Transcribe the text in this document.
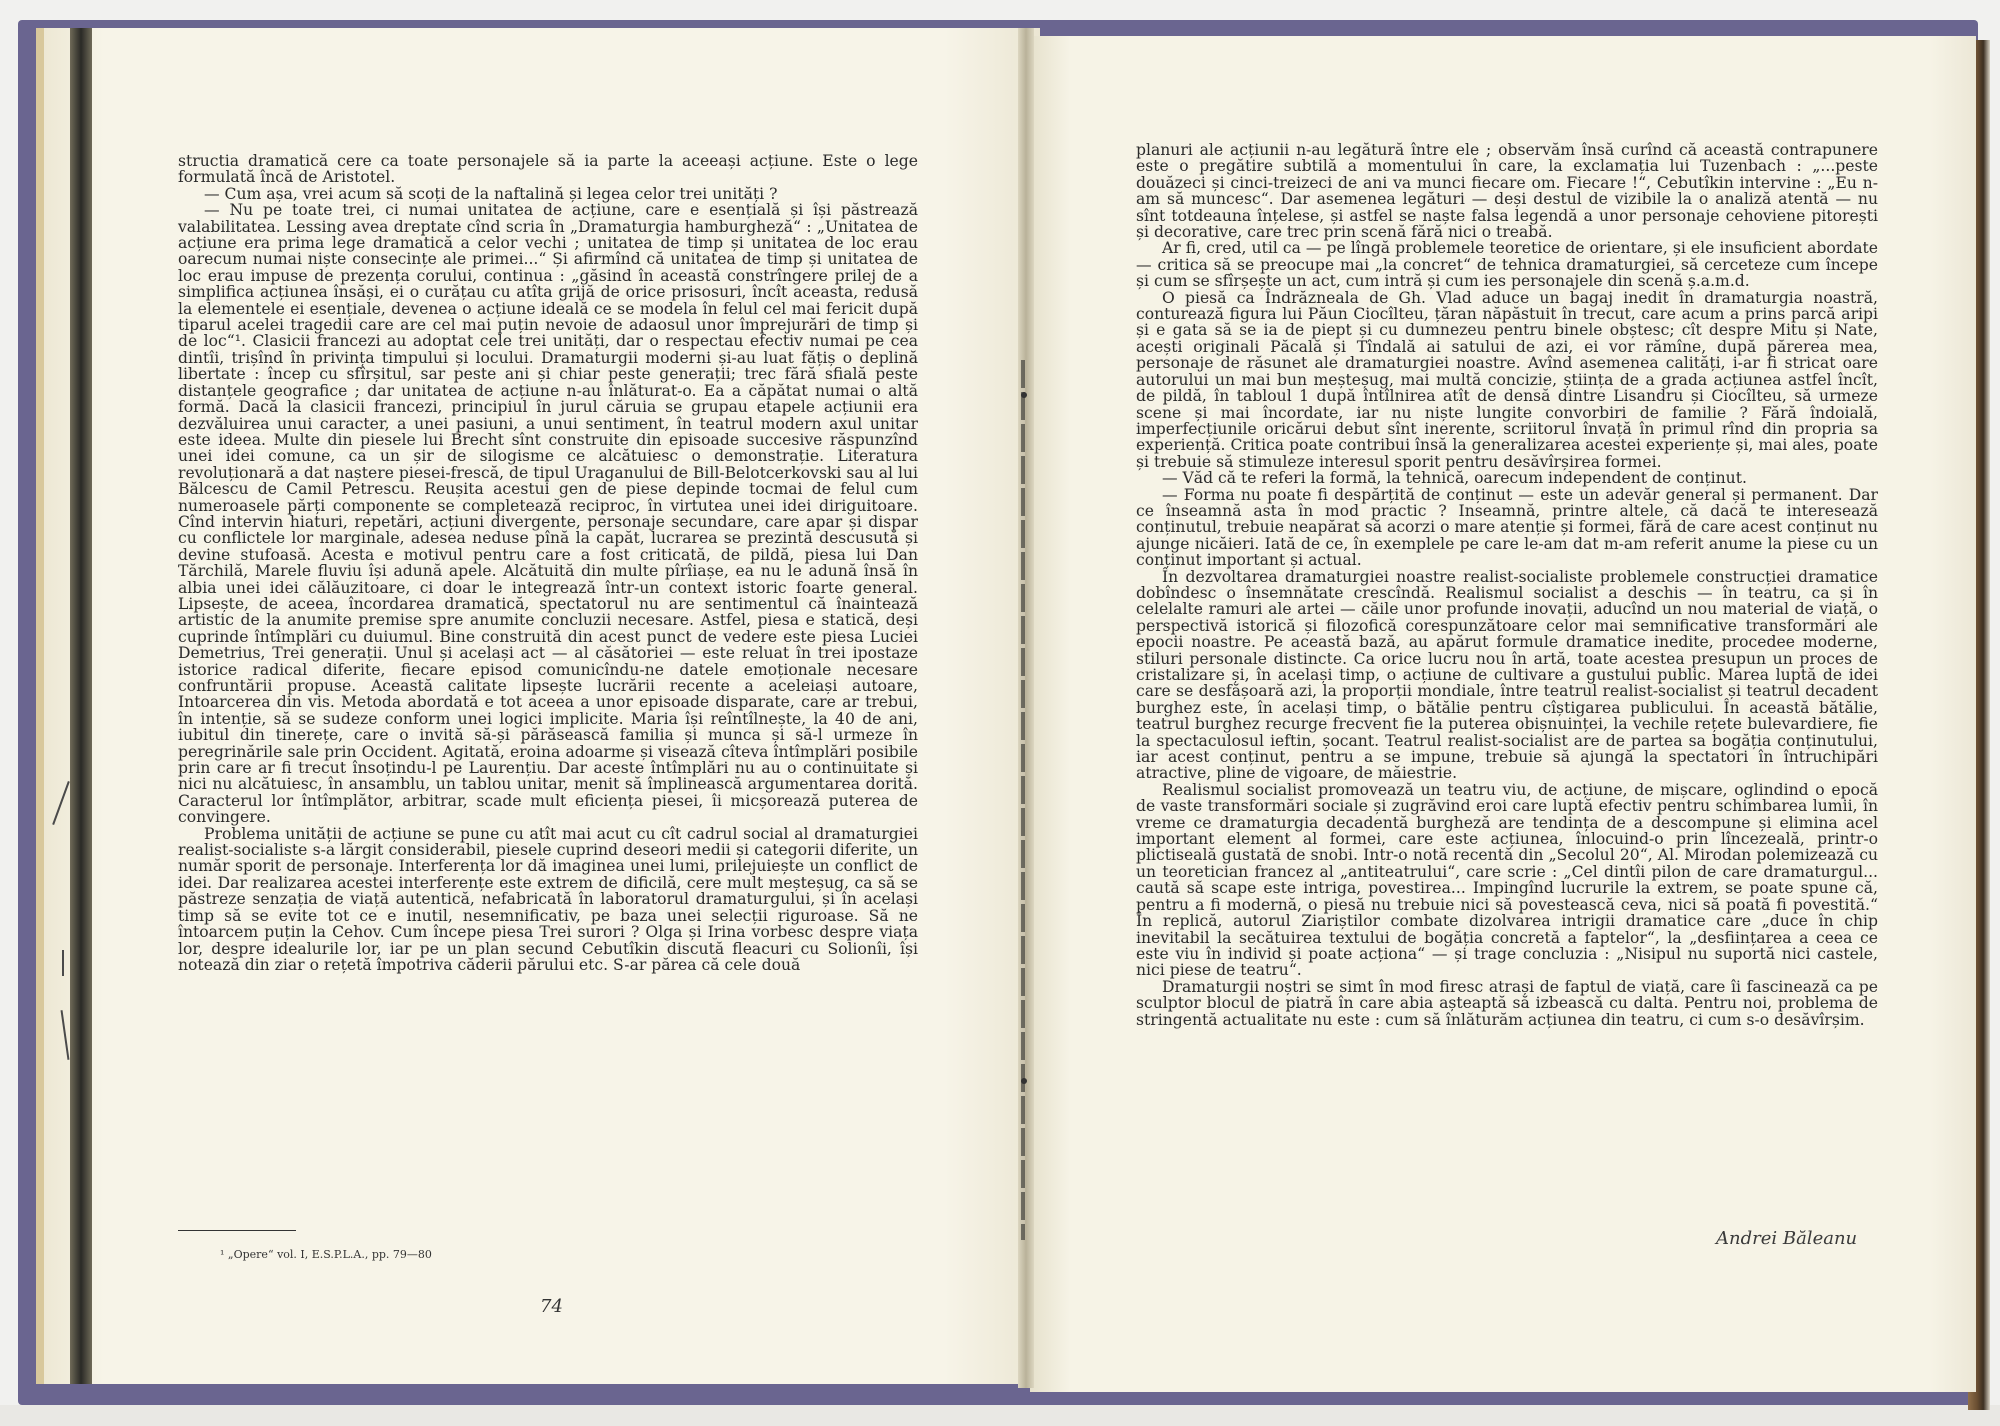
structia dramatică cere ca toate personajele să ia parte la aceeași acțiune. Este o lege formulată încă de Aristotel.

— Cum așa, vrei acum să scoți de la naftalină și legea celor trei unități ?

— Nu pe toate trei, ci numai unitatea de acțiune, care e esențială și își păstrează valabilitatea. Lessing avea dreptate cînd scria în „Dramaturgia hamburgheză“ : „Unitatea de acțiune era prima lege dramatică a celor vechi ; unitatea de timp și unitatea de loc erau oarecum numai niște consecințe ale primei...“ Și afirmînd că unitatea de timp și unitatea de loc erau impuse de prezența corului, continua : „găsind în această constrîngere prilej de a simplifica acțiunea însăși, ei o curățau cu atîta grijă de orice prisosuri, încît aceasta, redusă la elementele ei esențiale, devenea o acțiune ideală ce se modela în felul cel mai fericit după tiparul acelei tragedii care are cel mai puțin nevoie de adaosul unor împrejurări de timp și de loc“¹. Clasicii francezi au adoptat cele trei unități, dar o respectau efectiv numai pe cea dintîi, trișînd în privința timpului și locului. Dramaturgii moderni și-au luat fățiș o deplină libertate : încep cu sfîrșitul, sar peste ani și chiar peste generații; trec fără sfială peste distanțele geografice ; dar unitatea de acțiune n-au înlăturat-o. Ea a căpătat numai o altă formă. Dacă la clasicii francezi, principiul în jurul căruia se grupau etapele acțiunii era dezvăluirea unui caracter, a unei pasiuni, a unui sentiment, în teatrul modern axul unitar este ideea. Multe din piesele lui Brecht sînt construite din episoade succesive răspunzînd unei idei comune, ca un șir de silogisme ce alcătuiesc o demonstrație. Literatura revoluționară a dat naștere piesei-frescă, de tipul Uraganului de Bill-Belotcerkovski sau al lui Bălcescu de Camil Petrescu. Reușita acestui gen de piese depinde tocmai de felul cum numeroasele părți componente se completează reciproc, în virtutea unei idei diriguitoare. Cînd intervin hiaturi, repetări, acțiuni divergente, personaje secundare, care apar și dispar cu conflictele lor marginale, adesea neduse pînă la capăt, lucrarea se prezintă descusută și devine stufoasă. Acesta e motivul pentru care a fost criticată, de pildă, piesa lui Dan Tărchilă, Marele fluviu își adună apele. Alcătuită din multe pîrîiașe, ea nu le adună însă în albia unei idei călăuzitoare, ci doar le integrează într-un context istoric foarte general. Lipsește, de aceea, încordarea dramatică, spectatorul nu are sentimentul că înaintează artistic de la anumite premise spre anumite concluzii necesare. Astfel, piesa e statică, deși cuprinde întîmplări cu duiumul. Bine construită din acest punct de vedere este piesa Luciei Demetrius, Trei generații. Unul și același act — al căsătoriei — este reluat în trei ipostaze istorice radical diferite, fiecare episod comunicîndu-ne datele emoționale necesare confruntării propuse. Această calitate lipsește lucrării recente a aceleiași autoare, Intoarcerea din vis. Metoda abordată e tot aceea a unor episoade disparate, care ar trebui, în intenție, să se sudeze conform unei logici implicite. Maria își reîntîlnește, la 40 de ani, iubitul din tinerețe, care o invită să-și părăsească familia și munca și să-l urmeze în peregrinările sale prin Occident. Agitată, eroina adoarme și visează cîteva întîmplări posibile prin care ar fi trecut însoțindu-l pe Laurențiu. Dar aceste întîmplări nu au o continuitate și nici nu alcătuiesc, în ansamblu, un tablou unitar, menit să împlinească argumentarea dorită. Caracterul lor întîmplător, arbitrar, scade mult eficiența piesei, îi micșorează puterea de convingere.

Problema unității de acțiune se pune cu atît mai acut cu cît cadrul social al dramaturgiei realist-socialiste s-a lărgit considerabil, piesele cuprind deseori medii și categorii diferite, un număr sporit de personaje. Interferența lor dă imaginea unei lumi, prilejuiește un conflict de idei. Dar realizarea acestei interferențe este extrem de dificilă, cere mult meșteșug, ca să se păstreze senzația de viață autentică, nefabricată în laboratorul dramaturgului, și în același timp să se evite tot ce e inutil, nesemnificativ, pe baza unei selecții riguroase. Să ne întoarcem puțin la Cehov. Cum începe piesa Trei surori ? Olga și Irina vorbesc despre viața lor, despre idealurile lor, iar pe un plan secund Cebutîkin discută fleacuri cu Solionîi, își notează din ziar o rețetă împotriva căderii părului etc. S-ar părea că cele două

¹ „Opere“ vol. I, E.S.P.L.A., pp. 79—80
74

planuri ale acțiunii n-au legătură între ele ; observăm însă curînd că această contrapunere este o pregătire subtilă a momentului în care, la exclamația lui Tuzenbach : „...peste douăzeci și cinci-treizeci de ani va munci fiecare om. Fiecare !“, Cebutîkin intervine : „Eu n-am să muncesc“. Dar asemenea legături — deși destul de vizibile la o analiză atentă — nu sînt totdeauna înțelese, și astfel se naște falsa legendă a unor personaje cehoviene pitorești și decorative, care trec prin scenă fără nici o treabă.

Ar fi, cred, util ca — pe lîngă problemele teoretice de orientare, și ele insuficient abordate — critica să se preocupe mai „la concret“ de tehnica dramaturgiei, să cerceteze cum începe și cum se sfîrșește un act, cum intră și cum ies personajele din scenă ș.a.m.d.

O piesă ca Îndrăzneala de Gh. Vlad aduce un bagaj inedit în dramaturgia noastră, conturează figura lui Păun Ciocîlteu, țăran năpăstuit în trecut, care acum a prins parcă aripi și e gata să se ia de piept și cu dumnezeu pentru binele obștesc; cît despre Mitu și Nate, acești originali Păcală și Tîndală ai satului de azi, ei vor rămîne, după părerea mea, personaje de răsunet ale dramaturgiei noastre. Avînd asemenea calități, i-ar fi stricat oare autorului un mai bun meșteșug, mai multă concizie, știința de a grada acțiunea astfel încît, de pildă, în tabloul 1 după întîlnirea atît de densă dintre Lisandru și Ciocîlteu, să urmeze scene și mai încordate, iar nu niște lungite convorbiri de familie ? Fără îndoială, imperfecțiunile oricărui debut sînt inerente, scriitorul învață în primul rînd din propria sa experiență. Critica poate contribui însă la generalizarea acestei experiențe și, mai ales, poate și trebuie să stimuleze interesul sporit pentru desăvîrșirea formei.

— Văd că te referi la formă, la tehnică, oarecum independent de conținut.

— Forma nu poate fi despărțită de conținut — este un adevăr general și permanent. Dar ce înseamnă asta în mod practic ? Inseamnă, printre altele, că dacă te interesează conținutul, trebuie neapărat să acorzi o mare atenție și formei, fără de care acest conținut nu ajunge nicăieri. Iată de ce, în exemplele pe care le-am dat m-am referit anume la piese cu un conținut important și actual.

În dezvoltarea dramaturgiei noastre realist-socialiste problemele construcției dramatice dobîndesc o însemnătate crescîndă. Realismul socialist a deschis — în teatru, ca și în celelalte ramuri ale artei — căile unor profunde inovații, aducînd un nou material de viață, o perspectivă istorică și filozofică corespunzătoare celor mai semnificative transformări ale epocii noastre. Pe această bază, au apărut formule dramatice inedite, procedee moderne, stiluri personale distincte. Ca orice lucru nou în artă, toate acestea presupun un proces de cristalizare și, în același timp, o acțiune de cultivare a gustului public. Marea luptă de idei care se desfășoară azi, la proporții mondiale, între teatrul realist-socialist și teatrul decadent burghez este, în același timp, o bătălie pentru cîștigarea publicului. În această bătălie, teatrul burghez recurge frecvent fie la puterea obișnuinței, la vechile rețete bulevardiere, fie la spectaculosul ieftin, șocant. Teatrul realist-socialist are de partea sa bogăția conținutului, iar acest conținut, pentru a se impune, trebuie să ajungă la spectatori în întruchipări atractive, pline de vigoare, de măiestrie.

Realismul socialist promovează un teatru viu, de acțiune, de mișcare, oglindind o epocă de vaste transformări sociale și zugrăvind eroi care luptă efectiv pentru schimbarea lumii, în vreme ce dramaturgia decadentă burgheză are tendința de a descompune și elimina acel important element al formei, care este acțiunea, înlocuind-o prin lîncezeală, printr-o plictiseală gustată de snobi. Intr-o notă recentă din „Secolul 20“, Al. Mirodan polemizează cu un teoretician francez al „antiteatrului“, care scrie : „Cel dintîi pilon de care dramaturgul... caută să scape este intriga, povestirea... Impingînd lucrurile la extrem, se poate spune că, pentru a fi modernă, o piesă nu trebuie nici să povestească ceva, nici să poată fi povestită.“ În replică, autorul Ziariștilor combate dizolvarea intrigii dramatice care „duce în chip inevitabil la secătuirea textului de bogăția concretă a faptelor“, la „desființarea a ceea ce este viu în individ și poate acționa“ — și trage concluzia : „Nisipul nu suportă nici castele, nici piese de teatru“.

Dramaturgii noștri se simt în mod firesc atrași de faptul de viață, care îi fascinează ca pe sculptor blocul de piatră în care abia așteaptă să izbească cu dalta. Pentru noi, problema de stringentă actualitate nu este : cum să înlăturăm acțiunea din teatru, ci cum s-o desăvîrșim.

Andrei Băleanu
